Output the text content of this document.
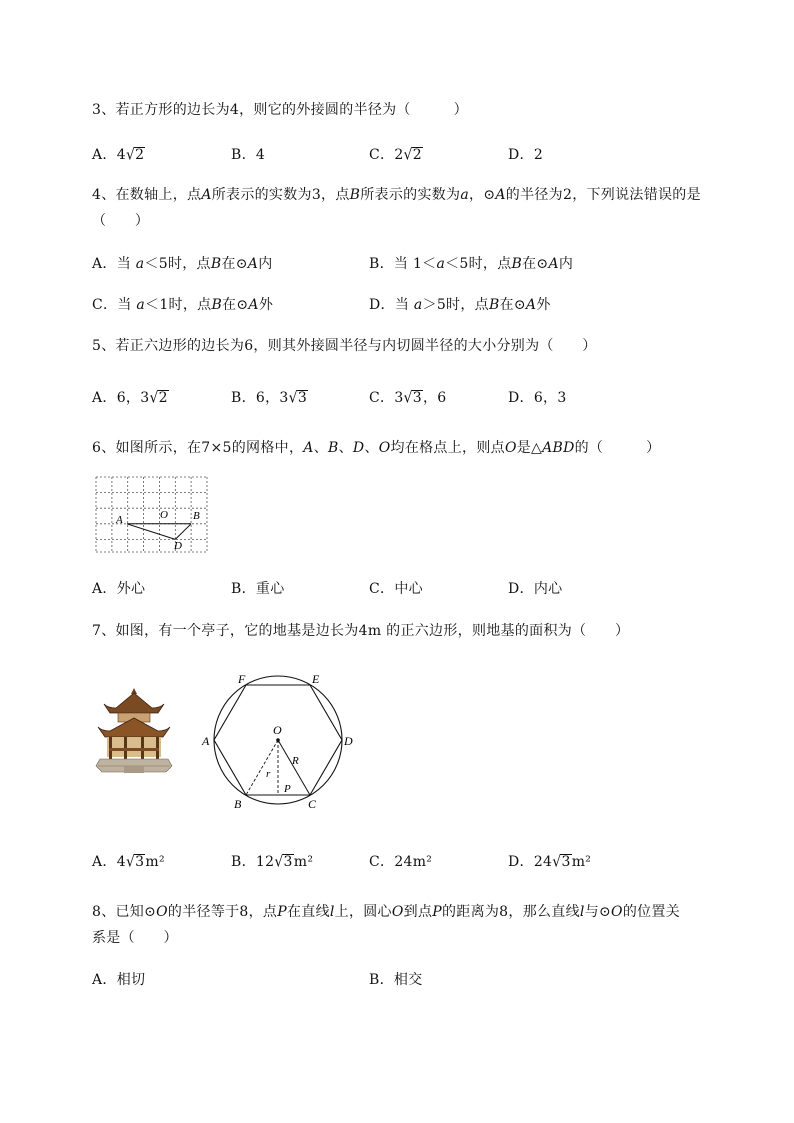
3、若正方形的边长为4，则它的外接圆的半径为（　　　）
A．4√2	B．4	C．2√2	D．2
4、在数轴上，点A所表示的实数为3，点B所表示的实数为a，⊙A的半径为2，下列说法错误的是
（　　）
A．当 a＜5时，点B在⊙A内	B．当 1＜a＜5时，点B在⊙A内
C．当 a＜1时，点B在⊙A外	D．当 a＞5时，点B在⊙A外
5、若正六边形的边长为6，则其外接圆半径与内切圆半径的大小分别为（　　）
A．6，3√2	B．6，3√3	C．3√3，6	D．6，3
6、如图所示，在7×5的网格中，A、B、D、O均在格点上，则点O是△ABD的（　　　）
A	O B
D
A．外心	B．重心	C．中心	D．内心
7、如图，有一个亭子，它的地基是边长为4m 的正六边形，则地基的面积为（　　）
F	E
A	D
O
R
r
P
B	C
A．4√3m²	B．12√3m²	C．24m²	D．24√3m²
8、已知⊙O的半径等于8，点P在直线l上，圆心O到点P的距离为8，那么直线l与⊙O的位置关
系是（　　）
A．相切	B．相交
